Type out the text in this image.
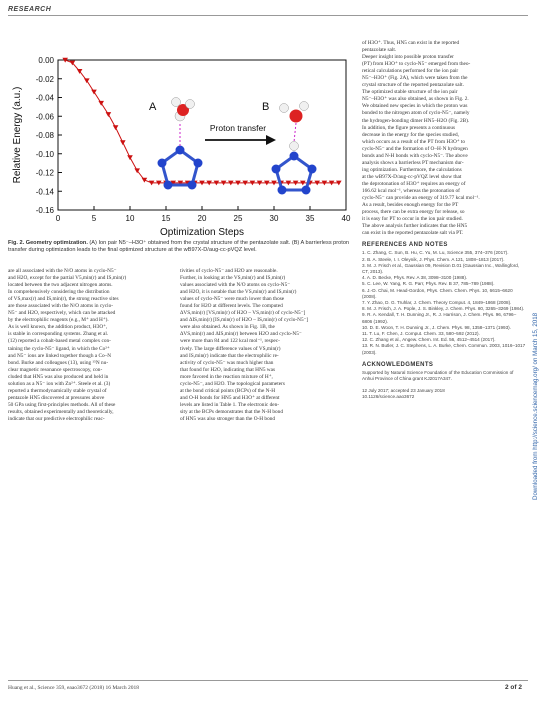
RESEARCH
0	5	10	15	20	25	30	35	40
0.00
-0.02
-0.04
-0.06
-0.08
-0.10
-0.12
-0.14
-0.16
Optimization Steps
Relative Energy (a.u.)	A	B
Proton transfer
Fig. 2. Geometry optimization. (A) Ion pair N5⁻–H3O⁺ obtained from the crystal structure of the pentazolate salt. (B) A barrierless proton transfer during optimization leads to the final optimized structure at the wB97X-D/aug-cc-pVQZ level.

are all associated with the N/O atoms in cyclo-N5⁻
and H2O, except for the partial V5,min(r) and IS,min(r)
located between the two adjacent nitrogen atoms.
In comprehensively considering the distribution
of VS,max(r) and IS,min(r), the strong reactive sites
are those associated with the N/O atoms in cyclo-
N5⁻ and H2O, respectively, which can be attacked
by the electrophilic reagents (e.g., M⁺ and H⁺).
As is well known, the addition product, H3O⁺,
is stable in corresponding systems. Zhang et al.
(12) reported a cobalt-based metal complex con-
taining the cyclo-N5⁻ ligand, in which the Co²⁺
and N5⁻ ions are linked together though a Co–N
bond. Burke and colleagues (13), using ¹⁵N nu-
clear magnetic resonance spectroscopy, con-
cluded that HN5 was also produced and held in
solution as a N5⁻ ion with Zn²⁺. Steele et al. (3)
reported a thermodynamically stable crystal of
pentazole HN5 discovered at pressures above
50 GPa using first-principles methods. All of these
results, obtained experimentally and theoretically,
indicate that our predictive electrophilic reac-

tivities of cyclo-N5⁻ and H2O are reasonable.
Further, in looking at the VS,min(r) and IS,min(r)
values associated with the N/O atoms on cyclo-N5⁻
and H2O, it is notable that the VS,min(r) and IS,min(r)
values of cyclo-N5⁻ were much lower than those
found for H2O at different levels. The computed
ΔVS,min(r) [VS,min(r) of H2O – VS,min(r) of cyclo-N5⁻]
and ΔIS,min(r) [IS,min(r) of H2O – IS,min(r) of cyclo-N5⁻]
were also obtained. As shown in Fig. 1B, the
ΔVS,min(r) and ΔIS,min(r) between H2O and cyclo-N5⁻
were more than 84 and 122 kcal mol⁻¹, respec-
tively. The large difference values of VS,min(r)
and IS,min(r) indicate that the electrophilic re-
activity of cyclo-N5⁻ was much higher than
that found for H2O, indicating that HN5 was
more favored in the reaction mixture of H⁺,
cyclo-N5⁻, and H2O. The topological parameters
at the bond critical points (BCPs) of the N-H
and O-H bonds for HN5 and H3O⁺ at different
levels are listed in Table 1. The electronic den-
sity at the BCPs demonstrates that the N-H bond
of HN5 was also stronger than the O-H bond

of H3O⁺. Thus, HN5 can exist in the reported
pentazolate salt.
Deeper insight into possible proton transfer
(PT) from H3O⁺ to cyclo-N5⁻ emerged from theo-
retical calculations performed for the ion pair
N5⁻–H3O⁺ (Fig. 2A), which were taken from the
crystal structure of the reported pentazolate salt.
The optimized stable structure of the ion pair
N5⁻–H3O⁺ was also obtained, as shown in Fig. 2.
We obtained new species in which the proton was
bonded to the nitrogen atom of cyclo-N5⁻, namely
the hydrogen-bonding dimer HN5–H2O (Fig. 2B).
In addition, the figure presents a continuous
decrease in the energy for the species studied,
which occurs as a result of the PT from H3O⁺ to
cyclo-N5⁻ and the formation of O–H·N hydrogen
bonds and N-H bonds with cyclo-N5⁻. The above
analysis shows a barrierless PT mechanism dur-
ing optimization. Furthermore, the calculations
at the wB97X-D/aug-cc-pVQZ level show that
the deprotonation of H3O⁺ requires an energy of
166.62 kcal mol⁻¹, whereas the protonation of
cyclo-N5⁻ can provide an energy of 319.77 kcal mol⁻¹.
As a result, besides enough energy for the PT
process, there can be extra energy for release, so
it is easy for PT to occur in the ion pair studied.
The above analysis further indicates that the HN5
can exist in the reported pentazolate salt via PT.

REFERENCES AND NOTES
1. C. Zhang, C. Sun, B. Hu, C. Yu, M. Lu, Science 355, 374–376 (2017).
2. B. A. Steele, I. I. Oleynik, J. Phys. Chem. A 121, 1808–1813 (2017).
3. M. J. Frisch et al., Gaussian 09, Revision D.01 (Gaussian Inc., Wallingford, CT, 2013).
4. A. D. Becke, Phys. Rev. A 38, 3098–3100 (1988).
5. C. Lee, W. Yang, R. G. Parr, Phys. Rev. B 37, 785–789 (1988).
6. J.-D. Chai, M. Head-Gordon, Phys. Chem. Chem. Phys. 10, 6615–6620 (2008).
7. Y. Zhao, D. G. Truhlar, J. Chem. Theory Comput. 4, 1849–1868 (2008).
8. M. J. Frisch, J. A. Pople, J. S. Binkley, J. Chem. Phys. 80, 3265–3269 (1984).
9. R. A. Kendall, T. H. Dunning Jr., R. J. Harrison, J. Chem. Phys. 96, 6796–6806 (1992).
10. D. E. Woon, T. H. Dunning Jr., J. Chem. Phys. 98, 1358–1371 (1993).
11. T. Lu, F. Chen, J. Comput. Chem. 33, 580–592 (2012).
12. C. Zhang et al., Angew. Chem. Int. Ed. 56, 4512–4514 (2017).
13. R. N. Butler, J. C. Stephens, L. A. Burke, Chem. Commun. 2003, 1016–1017 (2003).
ACKNOWLEDGMENTS
Supported by Natural Science Foundation of the Education Commission of Anhui Province of China grant KJ2017A347.
12 July 2017; accepted 23 January 2018
10.1126/science.aao3672	Downloaded from http://science.sciencemag.org/ on March 15, 2018
Huang et al., Science 359, eaao3672 (2018) 16 March 2018	2 of 2
